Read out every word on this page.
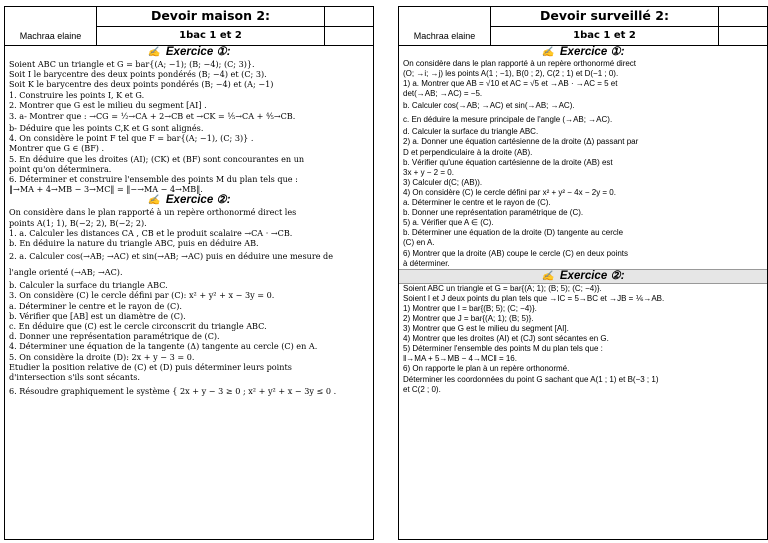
Machraa elaine
Devoir maison 2:
1bac 1 et 2
✍ Exercice ①:

Soient ABC un triangle et G = bar{(A; −1); (B; −4); (C; 3)}.

Soit I le barycentre des deux points pondérés (B; −4) et (C; 3).

Soit K le barycentre des deux points pondérés (B; −4) et (A; −1)

1. Construire les points I, K et G.

2. Montrer que G est le milieu du segment [AI] .

3. a- Montrer que : →CG = ½→CA + 2→CB et →CK = ⅕→CA + ⅘→CB.

b- Déduire que les points C,K et G sont alignés.

4. On considère le point F tel que F = bar{(A; −1), (C; 3)} .

Montrer que G ∈ (BF) .

5. En déduire que les droites (AI); (CK) et (BF) sont concourantes en un

point qu'on déterminera.

6. Déterminer et construire l'ensemble des points M du plan tels que :

‖→MA + 4→MB − 3→MC‖ = ‖−→MA − 4→MB‖.

✍ Exercice ②:

On considère dans le plan rapporté à un repère orthonormé direct les

points A(1; 1), B(−2; 2), B(−2; 2).

1. a. Calculer les distances CA , CB et le produit scalaire →CA · →CB.

b. En déduire la nature du triangle ABC, puis en déduire AB.

2. a. Calculer cos(→AB; →AC) et sin(→AB; →AC) puis en déduire une mesure de

l'angle orienté (→AB; →AC).

b. Calculer la surface du triangle ABC.

3. On considère (C) le cercle défini par (C): x² + y² + x − 3y = 0.

a. Déterminer le centre et le rayon de (C).

b. Vérifier que [AB] est un diamètre de (C).

c. En déduire que (C) est le cercle circonscrit du triangle ABC.

d. Donner une représentation paramétrique de (C).

4. Déterminer une équation de la tangente (Δ) tangente au cercle (C) en A.

5. On considère la droite (D): 2x + y − 3 = 0.

Etudier la position relative de (C) et (D) puis déterminer leurs points

d'intersection s'ils sont sécants.

6. Résoudre graphiquement le système { 2x + y − 3 ≥ 0 ; x² + y² + x − 3y ≤ 0 .

Machraa elaine
Devoir surveillé 2:
1bac 1 et 2
✍ Exercice ①:

On considère dans le plan rapporté à un repère orthonormé direct

(O; →i; →j) les points A(1 ; −1), B(0 ; 2), C(2 ; 1) et D(−1 ; 0).

1) a. Montrer que AB = √10 et AC = √5 et →AB · →AC = 5 et

det(→AB; →AC) = −5.

b. Calculer cos(→AB; →AC) et sin(→AB; →AC).

c. En déduire la mesure principale de l'angle (→AB; →AC).

d. Calculer la surface du triangle ABC.

2) a. Donner une équation cartésienne de la droite (Δ) passant par

D et perpendiculaire à la droite (AB).

b. Vérifier qu'une équation cartésienne de la droite (AB) est

3x + y − 2 = 0.

3) Calculer d(C; (AB)).

4) On considère (C) le cercle défini par x² + y² − 4x − 2y = 0.

a. Déterminer le centre et le rayon de (C).

b. Donner une représentation paramétrique de (C).

5) a. Vérifier que A ∈ (C).

b. Déterminer une équation de la droite (D) tangente au cercle

(C) en A.

6) Montrer que la droite (AB) coupe le cercle (C) en deux points

à déterminer.

✍ Exercice ②:

Soient ABC un triangle et G = bar{(A; 1); (B; 5); (C; −4)}.

Soient I et J deux points du plan tels que →IC = 5→BC et →JB = ⅙→AB.

1) Montrer que I = bar{(B; 5); (C; −4)}.

2) Montrer que J = bar{(A; 1); (B; 5)}.

3) Montrer que G est le milieu du segment [AI].

4) Montrer que les droites (AI) et (CJ) sont sécantes en G.

5) Déterminer l'ensemble des points M du plan tels que :

‖→MA + 5→MB − 4→MC‖ = 16.

6) On rapporte le plan à un repère orthonormé.

Déterminer les coordonnées du point G sachant que A(1 ; 1) et B(−3 ; 1)

et C(2 ; 0).
